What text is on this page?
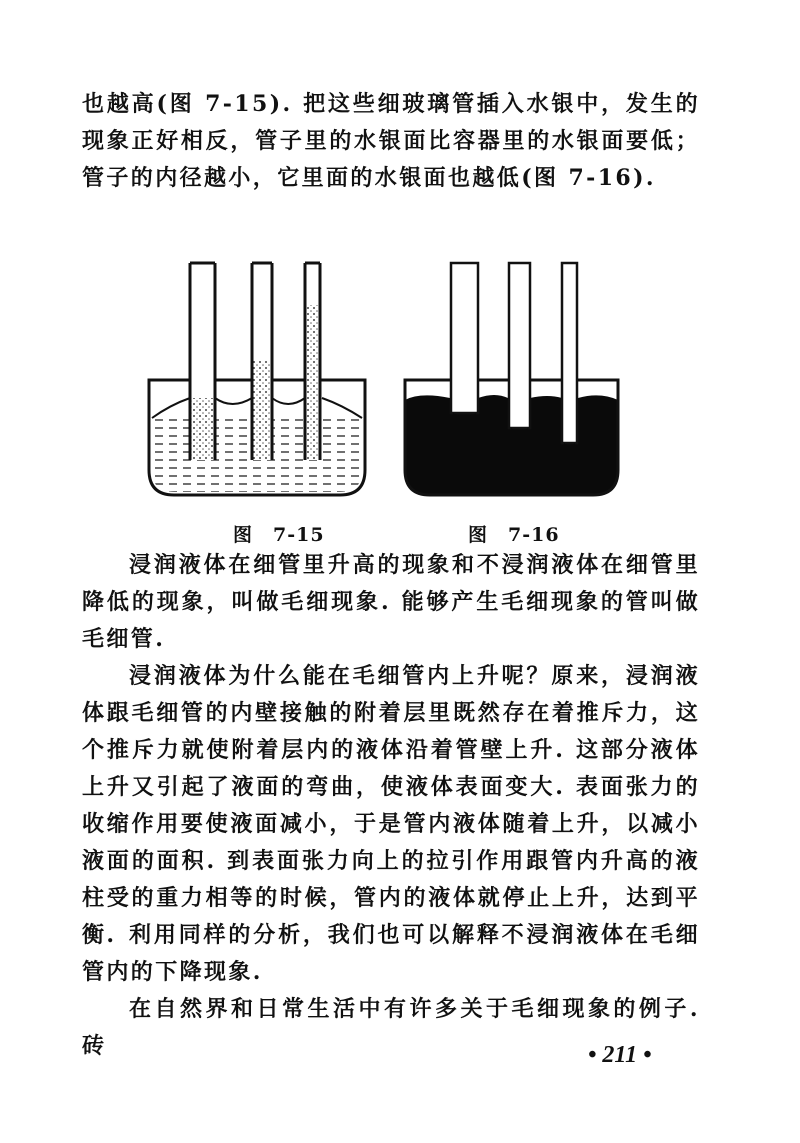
也越高(图 7-15). 把这些细玻璃管插入水银中，发生的现象正好相反，管子里的水银面比容器里的水银面要低；管子的内径越小，它里面的水银面也越低(图 7-16).

图　7-15	图　7-16

浸润液体在细管里升高的现象和不浸润液体在细管里降低的现象，叫做毛细现象. 能够产生毛细现象的管叫做毛细管.

浸润液体为什么能在毛细管内上升呢？原来，浸润液体跟毛细管的内壁接触的附着层里既然存在着推斥力，这个推斥力就使附着层内的液体沿着管壁上升. 这部分液体上升又引起了液面的弯曲，使液体表面变大. 表面张力的收缩作用要使液面减小，于是管内液体随着上升，以减小液面的面积. 到表面张力向上的拉引作用跟管内升高的液柱受的重力相等的时候，管内的液体就停止上升，达到平衡. 利用同样的分析，我们也可以解释不浸润液体在毛细管内的下降现象.

在自然界和日常生活中有许多关于毛细现象的例子. 砖	• 211 •
